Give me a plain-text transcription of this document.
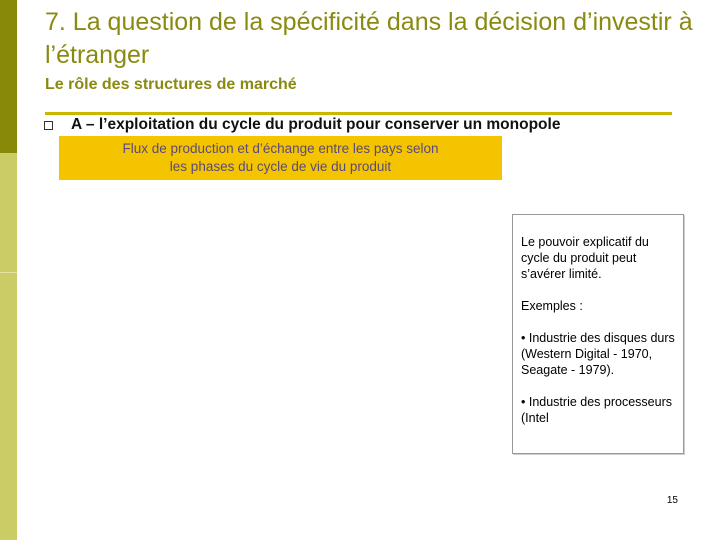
7. La question de la spécificité dans la décision d’investir à l’étranger
Le rôle des structures de marché
A – l’exploitation du cycle du produit pour conserver un monopole
Flux de production et d’échange entre les pays selon
les phases du cycle de vie du produit

Le pouvoir explicatif du cycle du produit peut s’avérer limité.

Exemples :

• Industrie des disques durs (Western Digital - 1970, Seagate - 1979).

• Industrie des processeurs (Intel

15
